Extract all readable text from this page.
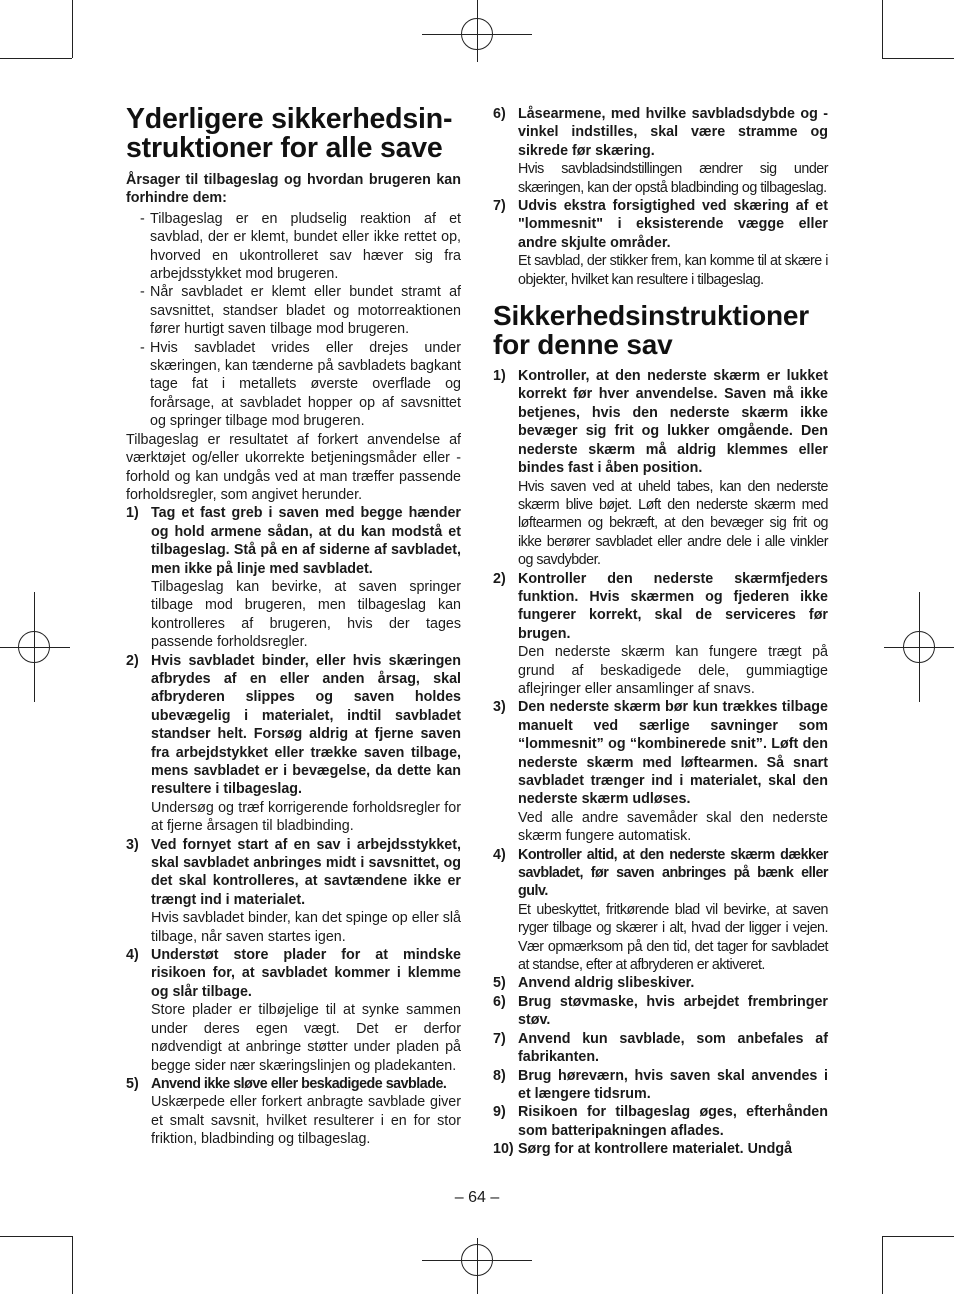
Yderligere sikkerhedsin-
struktioner for alle save

Årsager til tilbageslag og hvordan brugeren kan forhindre dem:

- Tilbageslag er en pludselig reaktion af et savblad, der er klemt, bundet eller ikke rettet op, hvorved en ukontrolleret sav hæver sig fra arbejdsstykket mod brugeren.

- Når savbladet er klemt eller bundet stramt af savsnittet, standser bladet og motorreaktionen fører hurtigt saven tilbage mod brugeren.

- Hvis savbladet vrides eller drejes under skæringen, kan tænderne på savbladets bagkant tage fat i metallets øverste overflade og forårsage, at savbladet hopper op af savsnittet og springer tilbage mod brugeren.

Tilbageslag er resultatet af forkert anvendelse af værktøjet og/eller ukorrekte betjeningsmåder eller -forhold og kan undgås ved at man træffer passende forholdsregler, som angivet herunder.

1) Tag et fast greb i saven med begge hænder og hold armene sådan, at du kan modstå et tilbageslag. Stå på en af siderne af savbladet, men ikke på linje med savbladet.

Tilbageslag kan bevirke, at saven springer tilbage mod brugeren, men tilbageslag kan kontrolleres af brugeren, hvis der tages passende forholdsregler.

2) Hvis savbladet binder, eller hvis skæringen afbrydes af en eller anden årsag, skal afbryderen slippes og saven holdes ubevægelig i materialet, indtil savbladet standser helt. Forsøg aldrig at fjerne saven fra arbejdstykket eller trække saven tilbage, mens savbladet er i bevægelse, da dette kan resultere i tilbageslag.

Undersøg og træf korrigerende forholdsregler for at fjerne årsagen til bladbinding.

3) Ved fornyet start af en sav i arbejdsstykket, skal savbladet anbringes midt i savsnittet, og det skal kontrolleres, at savtændene ikke er trængt ind i materialet.

Hvis savbladet binder, kan det spinge op eller slå tilbage, når saven startes igen.

4) Understøt store plader for at mindske risikoen for, at savbladet kommer i klemme og slår tilbage.

Store plader er tilbøjelige til at synke sammen under deres egen vægt. Det er derfor nødvendigt at anbringe støtter under pladen på begge sider nær skæringslinjen og pladekanten.

5) Anvend ikke sløve eller beskadigede savblade.

Uskærpede eller forkert anbragte savblade giver et smalt savsnit, hvilket resulterer i en for stor friktion, bladbinding og tilbageslag.

6) Låsearmene, med hvilke savbladsdybde og -vinkel indstilles, skal være stramme og sikrede før skæring.

Hvis savbladsindstillingen ændrer sig under skæringen, kan der opstå bladbinding og tilbageslag.

7) Udvis ekstra forsigtighed ved skæring af et "lommesnit" i eksisterende vægge eller andre skjulte områder.

Et savblad, der stikker frem, kan komme til at skære i objekter, hvilket kan resultere i tilbageslag.

Sikkerhedsinstruktioner
for denne sav
1) Kontroller, at den nederste skærm er lukket korrekt før hver anvendelse. Saven må ikke betjenes, hvis den nederste skærm ikke bevæger sig frit og lukker omgående. Den nederste skærm må aldrig klemmes eller bindes fast i åben position.

Hvis saven ved at uheld tabes, kan den nederste skærm blive bøjet. Løft den nederste skærm med løftearmen og bekræft, at den bevæger sig frit og ikke berører savbladet eller andre dele i alle vinkler og savdybder.

2) Kontroller den nederste skærmfjeders funktion. Hvis skærmen og fjederen ikke fungerer korrekt, skal de serviceres før brugen.

Den nederste skærm kan fungere trægt på grund af beskadigede dele, gummiagtige aflejringer eller ansamlinger af snavs.

3) Den nederste skærm bør kun trækkes tilbage manuelt ved særlige savninger som “lommesnit” og “kombinerede snit”. Løft den nederste skærm med løftearmen. Så snart savbladet trænger ind i materialet, skal den nederste skærm udløses.

Ved alle andre savemåder skal den nederste skærm fungere automatisk.

4) Kontroller altid, at den nederste skærm dækker savbladet, før saven anbringes på bænk eller gulv.

Et ubeskyttet, fritkørende blad vil bevirke, at saven ryger tilbage og skærer i alt, hvad der ligger i vejen. Vær opmærksom på den tid, det tager for savbladet at standse, efter at afbryderen er aktiveret.

5) Anvend aldrig slibeskiver.

6) Brug støvmaske, hvis arbejdet frembringer støv.

7) Anvend kun savblade, som anbefales af fabrikanten.

8) Brug høreværn, hvis saven skal anvendes i et længere tidsrum.

9) Risikoen for tilbageslag øges, efterhånden som batteripakningen aflades.

10) Sørg for at kontrollere materialet. Undgå

– 64 –
